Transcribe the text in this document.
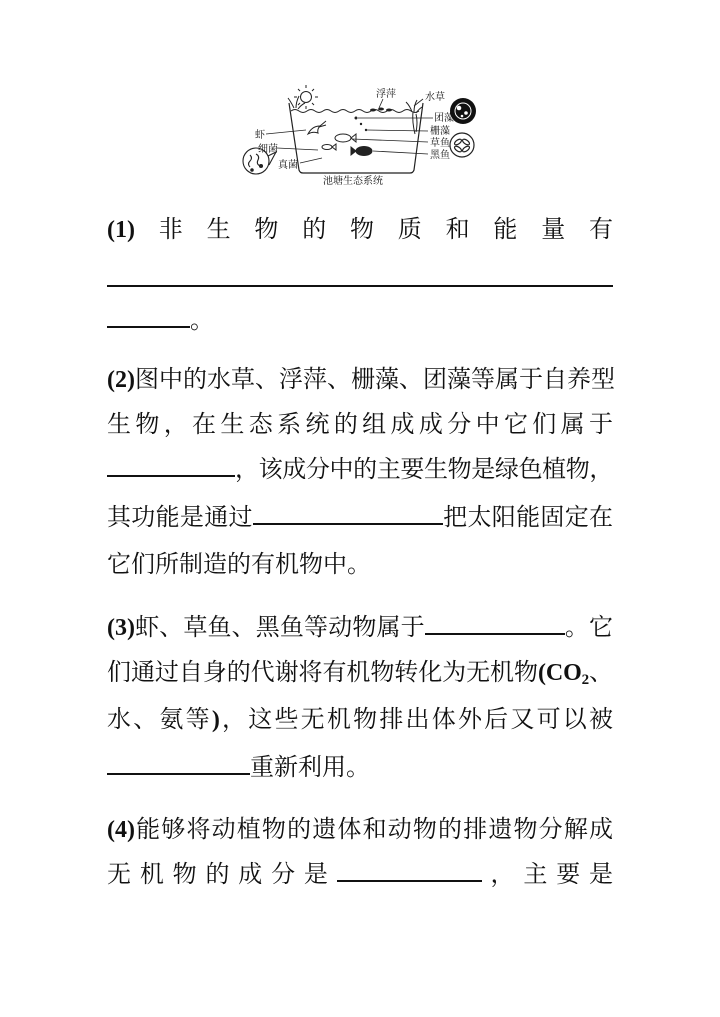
浮萍	水草
团藻
栅藻
草鱼
黑鱼
虾
细菌
真菌
池塘生态系统
(1)非生物的物质和能量有
。
(2)图中的水草、浮萍、栅藻、团藻等属于自养型
生物，在生态系统的组成成分中它们属于
，该成分中的主要生物是绿色植物，
其功能是通过	把太阳能固定在
它们所制造的有机物中。
(3)虾、草鱼、黑鱼等动物属于	。它
们通过自身的代谢将有机物转化为无机物($CO_2$、
水、氨等)，这些无机物排出体外后又可以被
重新利用。
(4)能够将动植物的遗体和动物的排遗物分解成
无机物的成分是	，主要是
